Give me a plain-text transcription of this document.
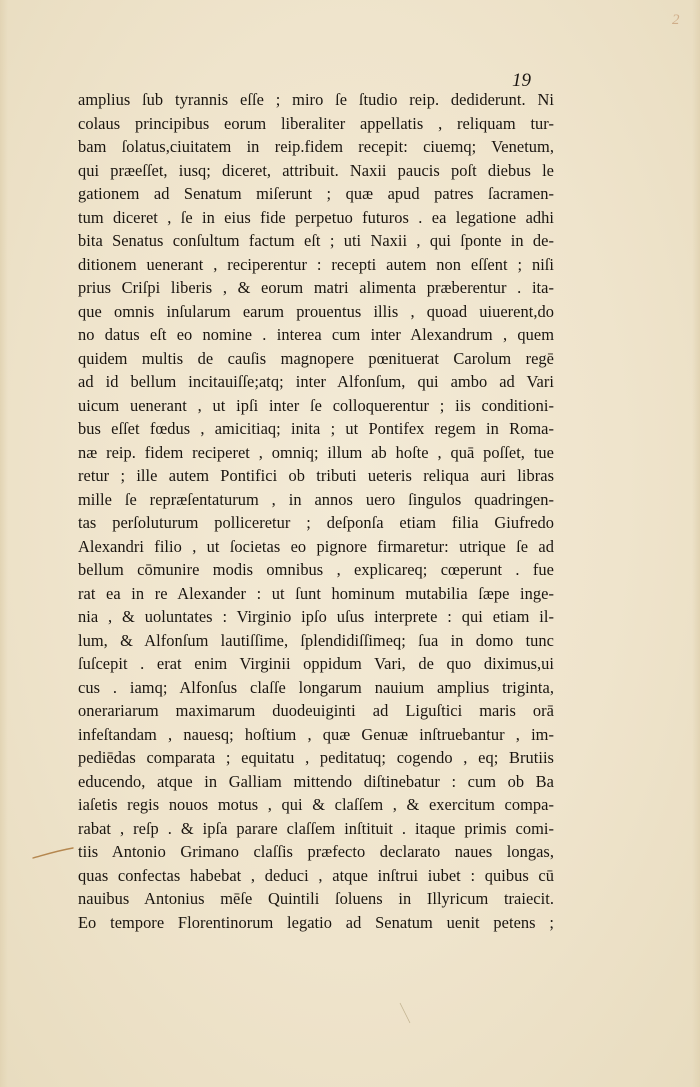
2
19
amplius ſub tyrannis eſſe ; miro ſe ſtudio reip. dediderunt. Ni
colaus principibus eorum liberaliter appellatis , reliquam tur-
bam ſolatus,ciuitatem in reip.fidem recepit: ciuemq; Venetum,
qui præeſſet, iusq; diceret, attribuit. Naxii paucis poſt diebus le
gationem ad Senatum miſerunt ; quæ apud patres ſacramen-
tum diceret , ſe in eius fide perpetuo futuros . ea legatione adhi
bita Senatus conſultum factum eſt ; uti Naxii , qui ſponte in de-
ditionem uenerant , reciperentur : recepti autem non eſſent ; niſi
prius Criſpi liberis , & eorum matri alimenta præberentur . ita-
que omnis inſularum earum prouentus illis , quoad uiuerent,do
no datus eſt eo nomine . interea cum inter Alexandrum , quem
quidem multis de cauſis magnopere pœnituerat Carolum regē
ad id bellum incitauiſſe;atq; inter Alfonſum, qui ambo ad Vari
uicum uenerant , ut ipſi inter ſe colloquerentur ; iis conditioni-
bus eſſet fœdus , amicitiaq; inita ; ut Pontifex regem in Roma-
næ reip. fidem reciperet , omniq; illum ab hoſte , quā poſſet, tue
retur ; ille autem Pontifici ob tributi ueteris reliqua auri libras
mille ſe repræſentaturum , in annos uero ſingulos quadringen-
tas perſoluturum polliceretur ; deſponſa etiam filia Giufredo
Alexandri filio , ut ſocietas eo pignore firmaretur: utrique ſe ad
bellum cōmunire modis omnibus , explicareq; cœperunt . fue
rat ea in re Alexander : ut ſunt hominum mutabilia ſæpe inge-
nia , & uoluntates : Virginio ipſo uſus interprete : qui etiam il-
lum, & Alfonſum lautiſſime, ſplendidiſſimeq; ſua in domo tunc
ſuſcepit . erat enim Virginii oppidum Vari, de quo diximus,ui
cus . iamq; Alfonſus claſſe longarum nauium amplius triginta,
onerariarum maximarum duodeuiginti ad Liguſtici maris orā
infeſtandam , nauesq; hoſtium , quæ Genuæ inſtruebantur , im-
pediēdas comparata ; equitatu , peditatuq; cogendo , eq; Brutiis
educendo, atque in Galliam mittendo diſtinebatur : cum ob Ba
iaſetis regis nouos motus , qui & claſſem , & exercitum compa-
rabat , reſp . & ipſa parare claſſem inſtituit . itaque primis comi-
tiis Antonio Grimano claſſis præfecto declarato naues longas,
quas confectas habebat , deduci , atque inſtrui iubet : quibus cū
nauibus Antonius mēſe Quintili ſoluens in Illyricum traiecit.
Eo tempore Florentinorum legatio ad Senatum uenit petens ;
